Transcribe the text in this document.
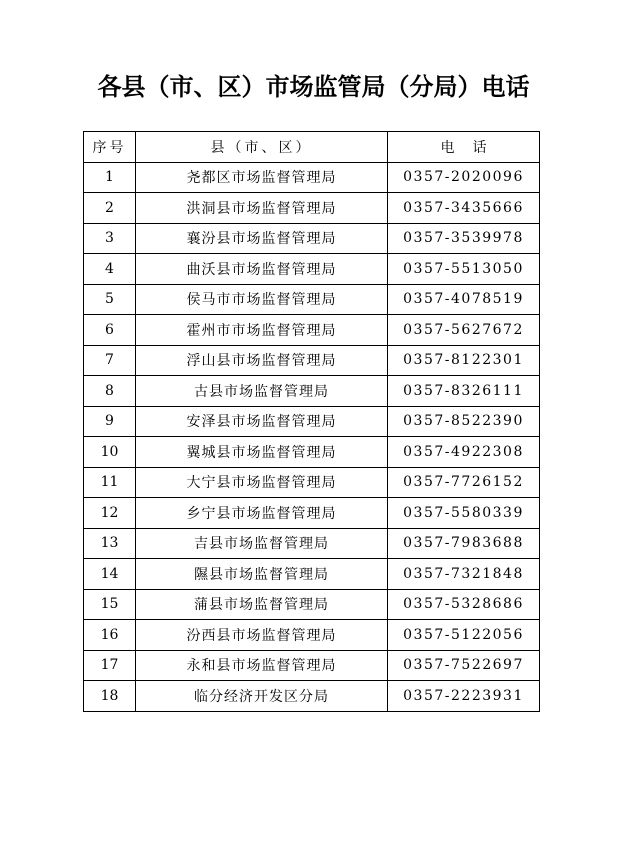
各县（市、区）市场监管局（分局）电话
序号	县（市、区）	电话
1	尧都区市场监督管理局	0357-2020096
2	洪洞县市场监督管理局	0357-3435666
3	襄汾县市场监督管理局	0357-3539978
4	曲沃县市场监督管理局	0357-5513050
5	侯马市市场监督管理局	0357-4078519
6	霍州市市场监督管理局	0357-5627672
7	浮山县市场监督管理局	0357-8122301
8	古县市场监督管理局	0357-8326111
9	安泽县市场监督管理局	0357-8522390
10	翼城县市场监督管理局	0357-4922308
11	大宁县市场监督管理局	0357-7726152
12	乡宁县市场监督管理局	0357-5580339
13	吉县市场监督管理局	0357-7983688
14	隰县市场监督管理局	0357-7321848
15	蒲县市场监督管理局	0357-5328686
16	汾西县市场监督管理局	0357-5122056
17	永和县市场监督管理局	0357-7522697
18	临分经济开发区分局	0357-2223931
